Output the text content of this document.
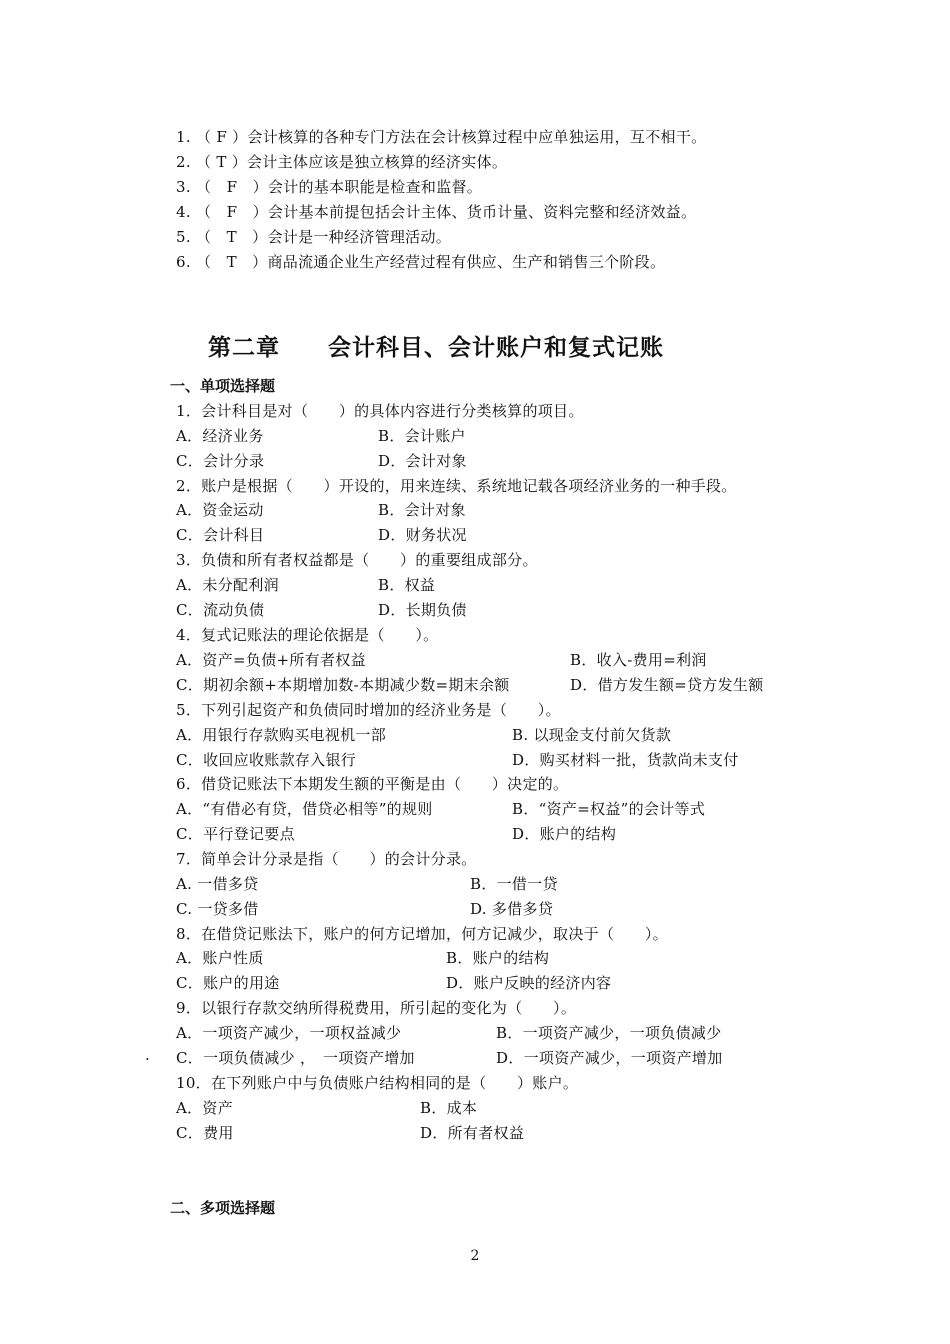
1. （ F ）会计核算的各种专门方法在会计核算过程中应单独运用，互不相干。
2. （ T ）会计主体应该是独立核算的经济实体。
3. （　F　）会计的基本职能是检查和监督。
4. （　F　）会计基本前提包括会计主体、货币计量、资料完整和经济效益。
5. （　T　）会计是一种经济管理活动。
6. （　T　）商品流通企业生产经营过程有供应、生产和销售三个阶段。
第二章　　会计科目、会计账户和复式记账
一、单项选择题
1．会计科目是对（　　）的具体内容进行分类核算的项目。
A．经济业务	B．会计账户
C．会计分录	D．会计对象
2．账户是根据（　　）开设的，用来连续、系统地记载各项经济业务的一种手段。
A．资金运动	B．会计对象
C．会计科目	D．财务状况
3．负债和所有者权益都是（　　）的重要组成部分。
A．未分配利润	B．权益
C．流动负债	D．长期负债
4．复式记账法的理论依据是（　　）。
A．资产=负债+所有者权益	B．收入-费用=利润
C．期初余额+本期增加数-本期减少数=期末余额	D．借方发生额=贷方发生额
5．下列引起资产和负债同时增加的经济业务是（　　）。
A．用银行存款购买电视机一部	B. 以现金支付前欠货款
C．收回应收账款存入银行	D．购买材料一批，货款尚未支付
6．借贷记账法下本期发生额的平衡是由（　　）决定的。
A．“有借必有贷，借贷必相等”的规则	B．“资产=权益”的会计等式
C．平行登记要点	D．账户的结构
7．简单会计分录是指（　　）的会计分录。
A. 一借多贷	B．一借一贷
C. 一贷多借	D. 多借多贷
8．在借贷记账法下，账户的何方记增加，何方记减少，取决于（　　）。
A．账户性质	B．账户的结构
C．账户的用途	D．账户反映的经济内容
9．以银行存款交纳所得税费用，所引起的变化为（　　）。
A．一项资产减少，一项权益减少	B．一项资产减少，一项负债减少
. C．一项负债减少 ，　一项资产增加	D．一项资产减少，一项资产增加
10．在下列账户中与负债账户结构相同的是（　　）账户。
A．资产	B．成本
C．费用	D．所有者权益
二、多项选择题
2
